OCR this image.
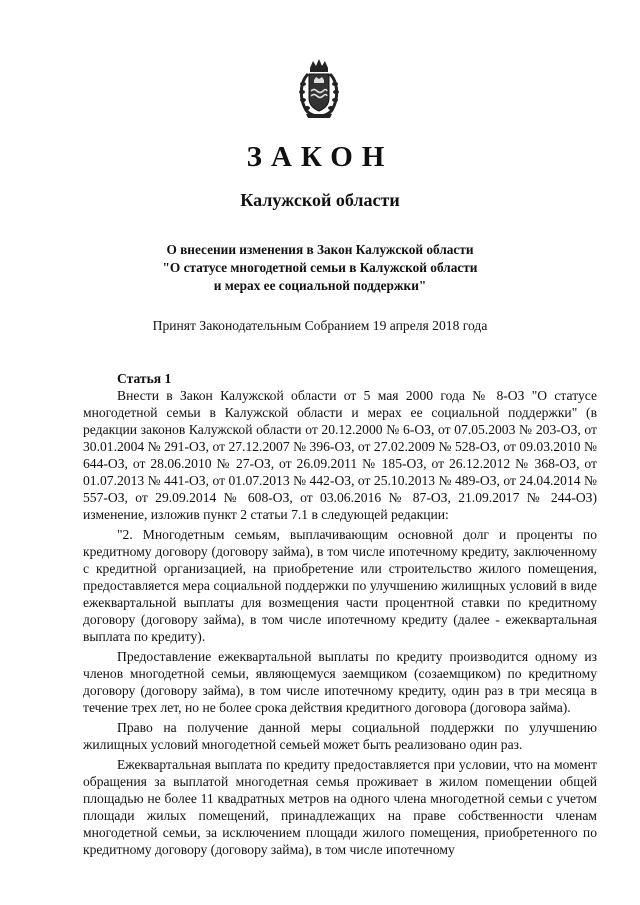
ЗАКОН
Калужской области
О внесении изменения в Закон Калужской области
"О статусе многодетной семьи в Калужской области
и мерах ее социальной поддержки"
Принят Законодательным Собранием 19 апреля 2018 года
Статья 1

Внести в Закон Калужской области от 5 мая 2000 года № 8-ОЗ "О статусе многодетной семьи в Калужской области и мерах ее социальной поддержки" (в редакции законов Калужской области от 20.12.2000 № 6-ОЗ, от 07.05.2003 № 203-ОЗ, от 30.01.2004 № 291-ОЗ, от 27.12.2007 № 396-ОЗ, от 27.02.2009 № 528-ОЗ, от 09.03.2010 № 644-ОЗ, от 28.06.2010 № 27-ОЗ, от 26.09.2011 № 185-ОЗ, от 26.12.2012 № 368-ОЗ, от 01.07.2013 № 441-ОЗ, от 01.07.2013 № 442-ОЗ, от 25.10.2013 № 489-ОЗ, от 24.04.2014 № 557-ОЗ, от 29.09.2014 № 608-ОЗ, от 03.06.2016 № 87-ОЗ, 21.09.2017 № 244-ОЗ) изменение, изложив пункт 2 статьи 7.1 в следующей редакции:

"2. Многодетным семьям, выплачивающим основной долг и проценты по кредитному договору (договору займа), в том числе ипотечному кредиту, заключенному с кредитной организацией, на приобретение или строительство жилого помещения, предоставляется мера социальной поддержки по улучшению жилищных условий в виде ежеквартальной выплаты для возмещения части процентной ставки по кредитному договору (договору займа), в том числе ипотечному кредиту (далее - ежеквартальная выплата по кредиту).

Предоставление ежеквартальной выплаты по кредиту производится одному из членов многодетной семьи, являющемуся заемщиком (созаемщиком) по кредитному договору (договору займа), в том числе ипотечному кредиту, один раз в три месяца в течение трех лет, но не более срока действия кредитного договора (договора займа).

Право на получение данной меры социальной поддержки по улучшению жилищных условий многодетной семьей может быть реализовано один раз.

Ежеквартальная выплата по кредиту предоставляется при условии, что на момент обращения за выплатой многодетная семья проживает в жилом помещении общей площадью не более 11 квадратных метров на одного члена многодетной семьи с учетом площади жилых помещений, принадлежащих на праве собственности членам многодетной семьи, за исключением площади жилого помещения, приобретенного по кредитному договору (договору займа), в том числе ипотечному
